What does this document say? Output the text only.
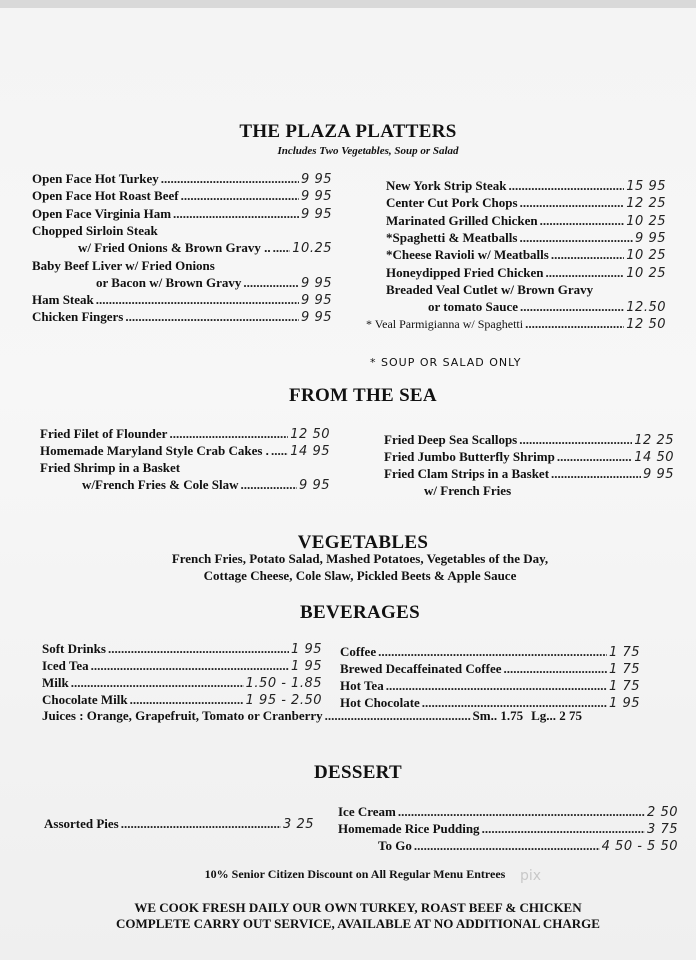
THE PLAZA PLATTERS
Includes Two Vegetables, Soup or Salad
Open Face Hot Turkey .....	9 95
Open Face Hot Roast Beef .....	9 95
Open Face Virginia Ham .....	9 95
Chopped Sirloin Steak
w/ Fried Onions & Brown Gravy .. ..... 10.25
Baby Beef Liver w/ Fried Onions
or Bacon w/ Brown Gravy .....	9 95
Ham Steak .....	9 95
Chicken Fingers .....	9 95
New York Strip Steak .....	15 95
Center Cut Pork Chops .....	12 25
Marinated Grilled Chicken .....	10 25
*Spaghetti & Meatballs .....	9 95
*Cheese Ravioli w/ Meatballs .....	10 25
Honeydipped Fried Chicken .....	10 25
Breaded Veal Cutlet w/ Brown Gravy
or tomato Sauce .....	12.50
* Veal Parmigianna w/ Spaghetti .....	12 50
* SOUP OR SALAD ONLY
FROM THE SEA
Fried Filet of Flounder .....	12 50
Homemade Maryland Style Crab Cakes . ..... 14 95
Fried Shrimp in a Basket
w/French Fries & Cole Slaw .....	9 95
Fried Deep Sea Scallops .....	12 25
Fried Jumbo Butterfly Shrimp .....	14 50
Fried Clam Strips in a Basket .....	9 95
w/ French Fries
VEGETABLES
French Fries, Potato Salad, Mashed Potatoes, Vegetables of the Day,
Cottage Cheese, Cole Slaw, Pickled Beets & Apple Sauce
BEVERAGES
Soft Drinks .....	1 95
Iced Tea .....	1 95
Milk .....	1.50 - 1.85
Chocolate Milk .....	1 95 - 2.50
Coffee .....	1 75
Brewed Decaffeinated Coffee .....	1 75
Hot Tea .....	1 75
Hot Chocolate .....	1 95
Juices : Orange, Grapefruit, Tomato or Cranberry .....	Sm.. 1.75 Lg... 2 75
DESSERT
Assorted Pies .....	3 25
Ice Cream .....	2 50
Homemade Rice Pudding .....	3 75
To Go .....	4 50 - 5 50
10% Senior Citizen Discount on All Regular Menu Entrees
WE COOK FRESH DAILY OUR OWN TURKEY, ROAST BEEF & CHICKEN
COMPLETE CARRY OUT SERVICE, AVAILABLE AT NO ADDITIONAL CHARGE
pix
